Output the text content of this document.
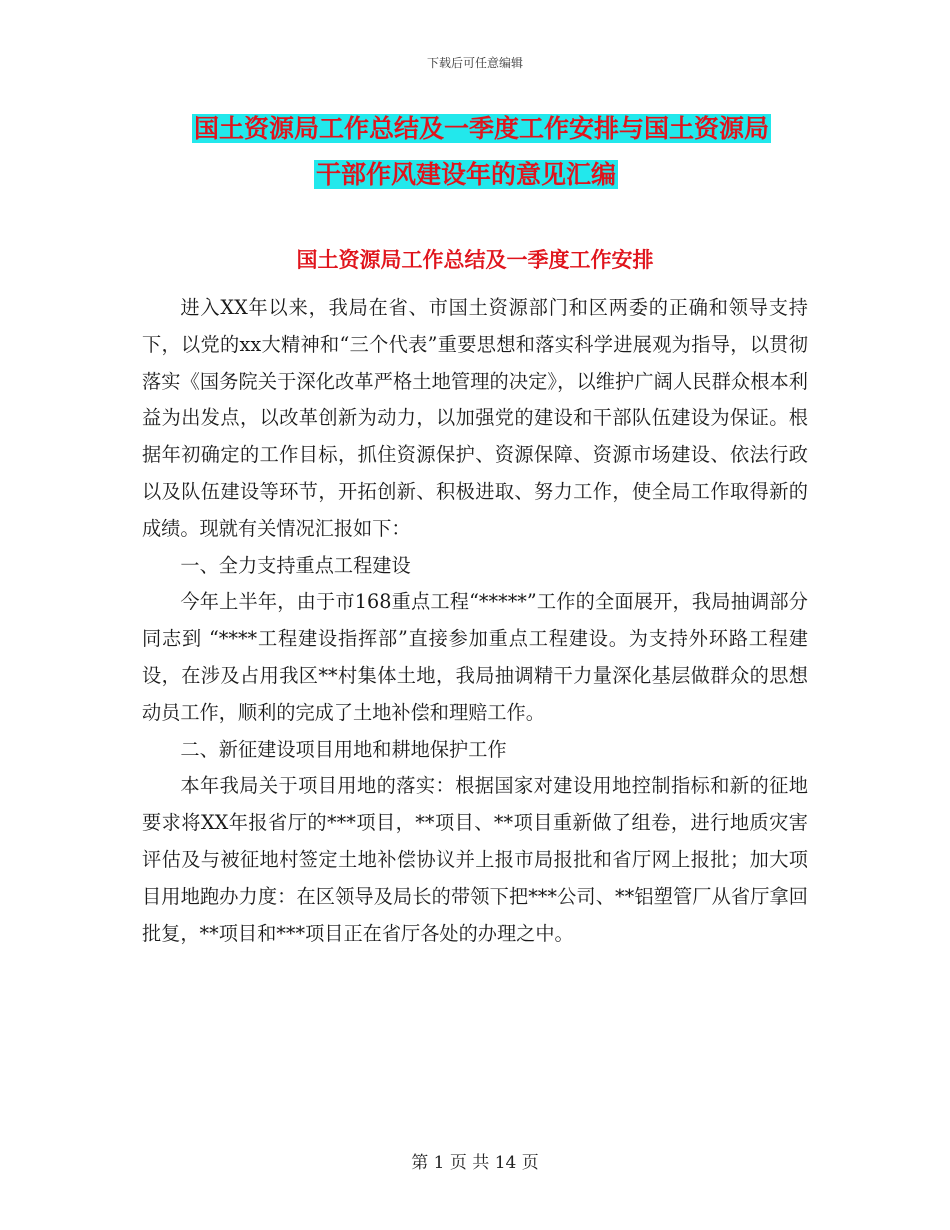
下载后可任意编辑
国土资源局工作总结及一季度工作安排与国土资源局
干部作风建设年的意见汇编
国土资源局工作总结及一季度工作安排

进入XX年以来，我局在省、市国土资源部门和区两委的正确和领导支持下，以党的xx大精神和“三个代表”重要思想和落实科学进展观为指导，以贯彻落实《国务院关于深化改革严格土地管理的决定》，以维护广阔人民群众根本利益为出发点，以改革创新为动力，以加强党的建设和干部队伍建设为保证。根据年初确定的工作目标，抓住资源保护、资源保障、资源市场建设、依法行政以及队伍建设等环节，开拓创新、积极进取、努力工作，使全局工作取得新的成绩。现就有关情况汇报如下：

一、全力支持重点工程建设

今年上半年，由于市168重点工程“*****”工作的全面展开，我局抽调部分同志到 “****工程建设指挥部”直接参加重点工程建设。为支持外环路工程建设，在涉及占用我区**村集体土地，我局抽调精干力量深化基层做群众的思想动员工作，顺利的完成了土地补偿和理赔工作。

二、新征建设项目用地和耕地保护工作

本年我局关于项目用地的落实：根据国家对建设用地控制指标和新的征地要求将XX年报省厅的***项目，**项目、**项目重新做了组卷，进行地质灾害评估及与被征地村签定土地补偿协议并上报市局报批和省厅网上报批；加大项目用地跑办力度：在区领导及局长的带领下把***公司、**铝塑管厂从省厅拿回批复，**项目和***项目正在省厅各处的办理之中。

第 1 页 共 14 页
